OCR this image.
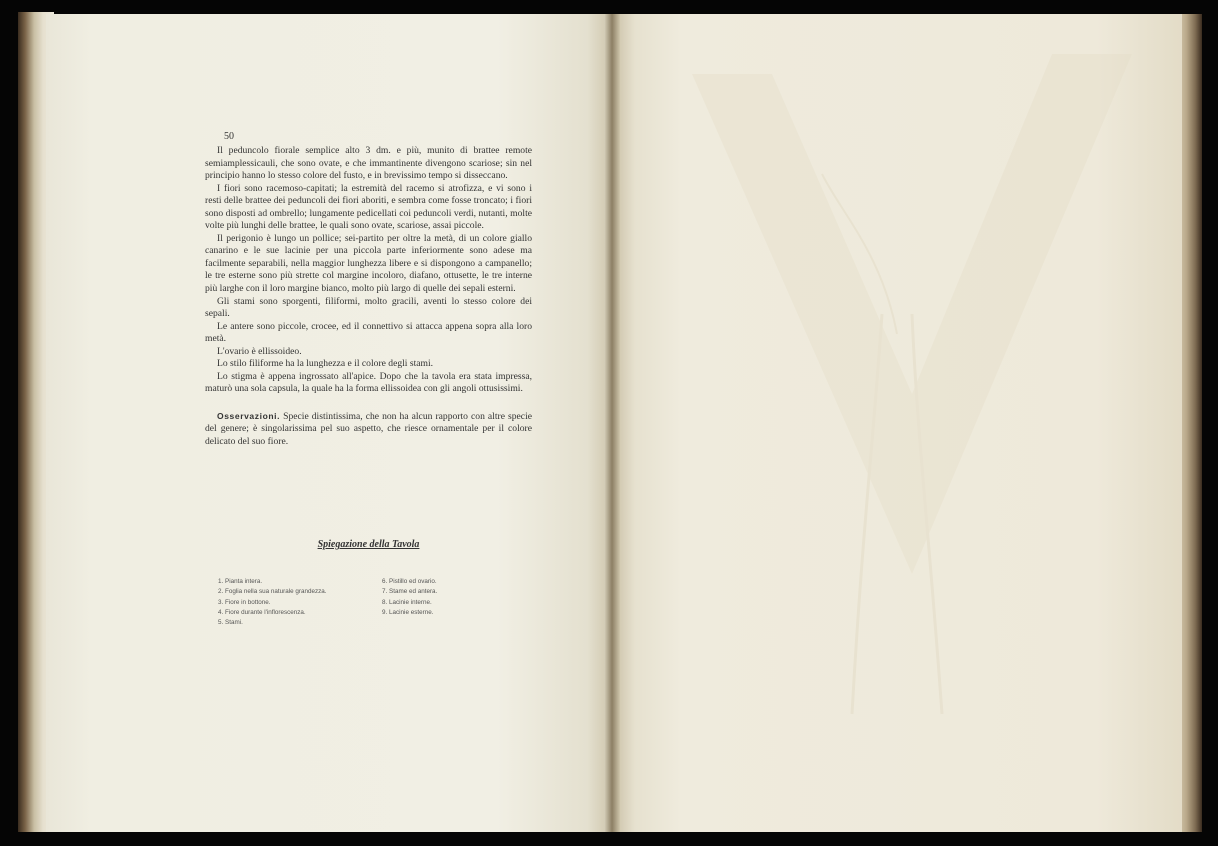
50

Il peduncolo fiorale semplice alto 3 dm. e più, munito di brattee remote semiamplessicauli, che sono ovate, e che immantinente divengono scariose; sin nel principio hanno lo stesso colore del fusto, e in brevissimo tempo si disseccano.

I fiori sono racemoso-capitati; la estremità del racemo si atrofizza, e vi sono i resti delle brattee dei peduncoli dei fiori aboriti, e sembra come fosse troncato; i fiori sono disposti ad ombrello; lungamente pedicellati coi peduncoli verdi, nutanti, molte volte più lunghi delle brattee, le quali sono ovate, scariose, assai piccole.

Il perigonio è lungo un pollice; sei-partito per oltre la metà, di un colore giallo canarino e le sue lacinie per una piccola parte inferiormente sono adese ma facilmente separabili, nella maggior lunghezza libere e si dispongono a campanello; le tre esterne sono più strette col margine incoloro, diafano, ottusette, le tre interne più larghe con il loro margine bianco, molto più largo di quelle dei sepali esterni.

Gli stami sono sporgenti, filiformi, molto gracili, aventi lo stesso colore dei sepali.

Le antere sono piccole, crocee, ed il connettivo si attacca appena sopra alla loro metà.

L'ovario è ellissoideo.

Lo stilo filiforme ha la lunghezza e il colore degli stami.

Lo stigma è appena ingrossato all'apice. Dopo che la tavola era stata impressa, maturò una sola capsula, la quale ha la forma ellissoidea con gli angoli ottusissimi.

Osservazioni. Specie distintissima, che non ha alcun rapporto con altre specie del genere; è singolarissima pel suo aspetto, che riesce ornamentale per il colore delicato del suo fiore.

Spiegazione della Tavola
1. Pianta intera.
2. Foglia nella sua naturale grandezza.
3. Fiore in bottone.
4. Fiore durante l'inflorescenza.
5. Stami.
6. Pistillo ed ovario.
7. Stame ed antera.
8. Lacinie interne.
9. Lacinie esterne.
